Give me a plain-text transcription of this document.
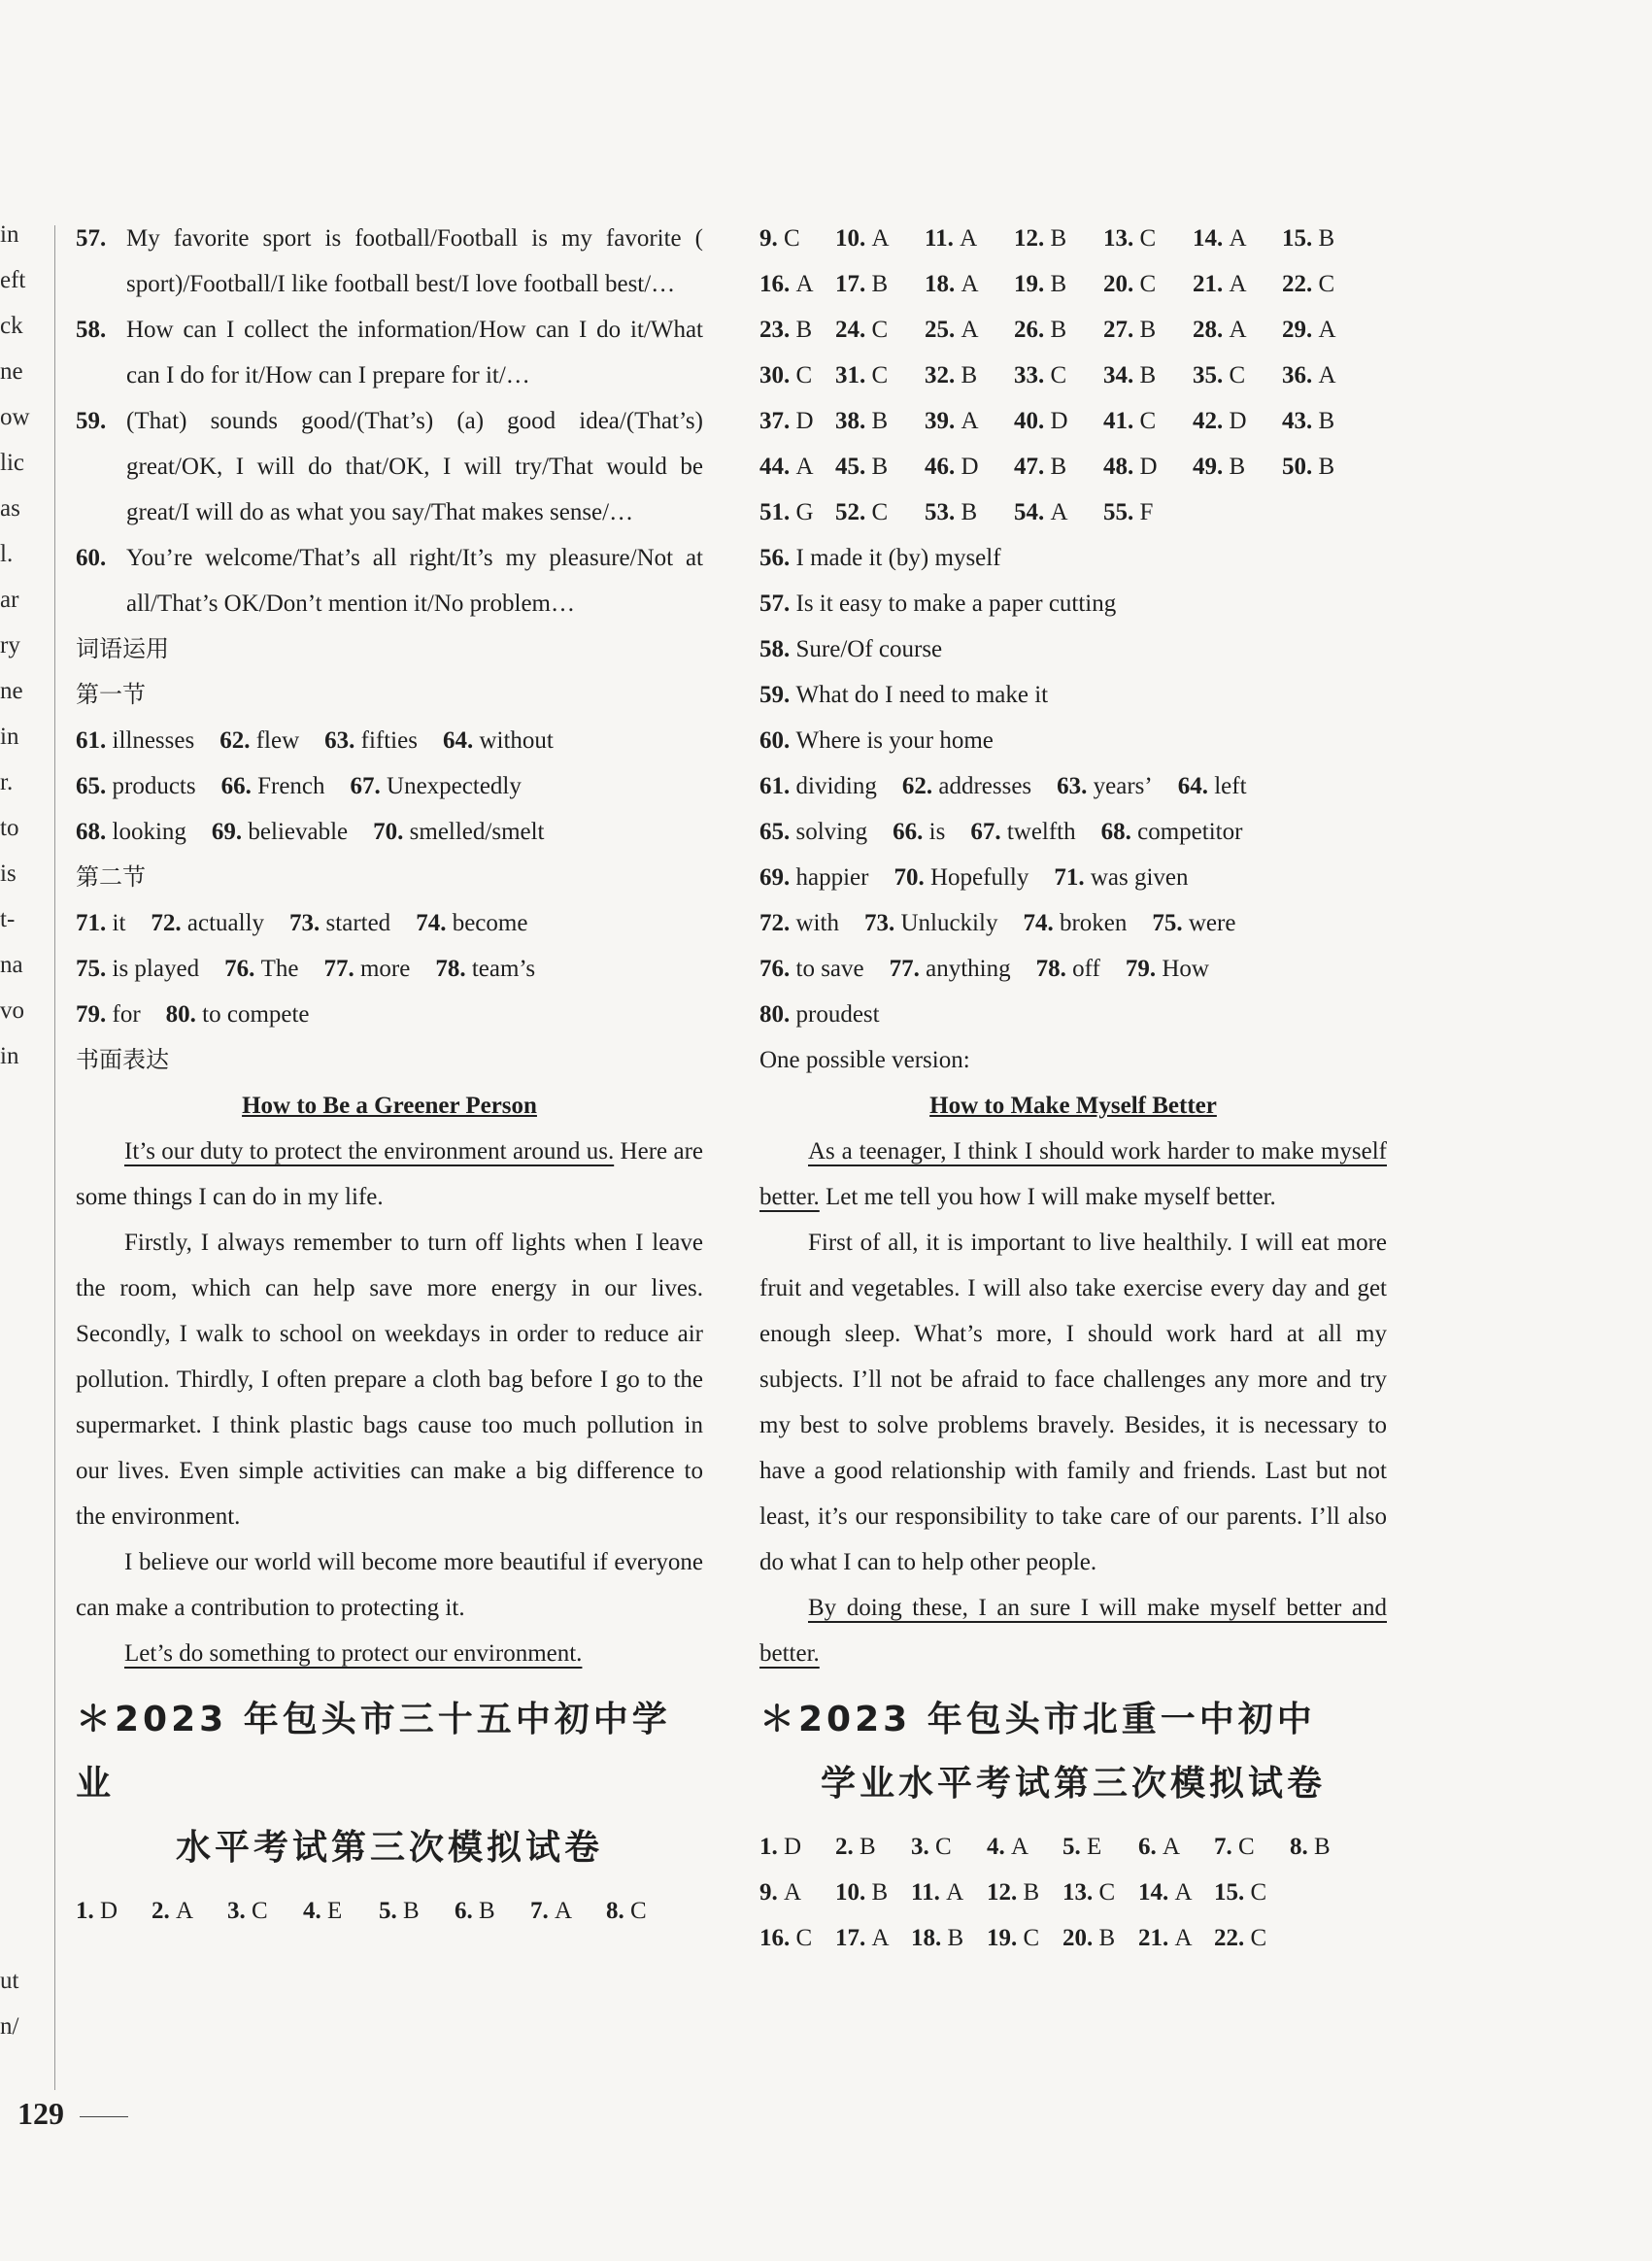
in
eft
ck
ne
ow
lic
as
l.
ar
ry
ne
in
r.
to
is
t-
na
vo
in
ut
n/
57. My favorite sport is football/Football is my favorite ( sport)/Football/I like football best/I love football best/…
58. How can I collect the information/How can I do it/What can I do for it/How can I prepare for it/…
59. (That) sounds good/(That’s) (a) good idea/(That’s) great/OK, I will do that/OK, I will try/That would be great/I will do as what you say/That makes sense/…
60. You’re welcome/That’s all right/It’s my pleasure/Not at all/That’s OK/Don’t mention it/No problem…

词语运用

第一节

61. illnesses 62. flew 63. fifties 64. without

65. products 66. French 67. Unexpectedly

68. looking 69. believable 70. smelled/smelt

第二节

71. it 72. actually 73. started 74. become

75. is played 76. The 77. more 78. team’s

79. for 80. to compete

书面表达

How to Be a Greener Person

It’s our duty to protect the environment around us. Here are some things I can do in my life.

Firstly, I always remember to turn off lights when I leave the room, which can help save more energy in our lives. Secondly, I walk to school on weekdays in order to reduce air pollution. Thirdly, I often prepare a cloth bag before I go to the supermarket. I think plastic bags cause too much pollution in our lives. Even simple activities can make a big difference to the environment.

I believe our world will become more beautiful if everyone can make a contribution to protecting it.

Let’s do something to protect our environment.

＊2023 年包头市三十五中初中学业
水平考试第三次模拟试卷

1. D 2. A 3. C 4. E 5. B 6. B 7. A 8. C

9. C 10. A 11. A 12. B 13. C 14. A 15. B

16. A 17. B 18. A 19. B 20. C 21. A 22. C

23. B 24. C 25. A 26. B 27. B 28. A 29. A

30. C 31. C 32. B 33. C 34. B 35. C 36. A

37. D 38. B 39. A 40. D 41. C 42. D 43. B

44. A 45. B 46. D 47. B 48. D 49. B 50. B

51. G 52. C 53. B 54. A 55. F

56. I made it (by) myself

57. Is it easy to make a paper cutting

58. Sure/Of course

59. What do I need to make it

60. Where is your home

61. dividing 62. addresses 63. years’ 64. left

65. solving 66. is 67. twelfth 68. competitor

69. happier 70. Hopefully 71. was given

72. with 73. Unluckily 74. broken 75. were

76. to save 77. anything 78. off 79. How

80. proudest

One possible version:

How to Make Myself Better

As a teenager, I think I should work harder to make myself better. Let me tell you how I will make myself better.

First of all, it is important to live healthily. I will eat more fruit and vegetables. I will also take exercise every day and get enough sleep. What’s more, I should work hard at all my subjects. I’ll not be afraid to face challenges any more and try my best to solve problems bravely. Besides, it is necessary to have a good relationship with family and friends. Last but not least, it’s our responsibility to take care of our parents. I’ll also do what I can to help other people.

By doing these, I an sure I will make myself better and better.

＊2023 年包头市北重一中初中
学业水平考试第三次模拟试卷

1. D 2. B 3. C 4. A 5. E 6. A 7. C 8. B

9. A 10. B 11. A 12. B 13. C 14. A 15. C

16. C 17. A 18. B 19. C 20. B 21. A 22. C

129
